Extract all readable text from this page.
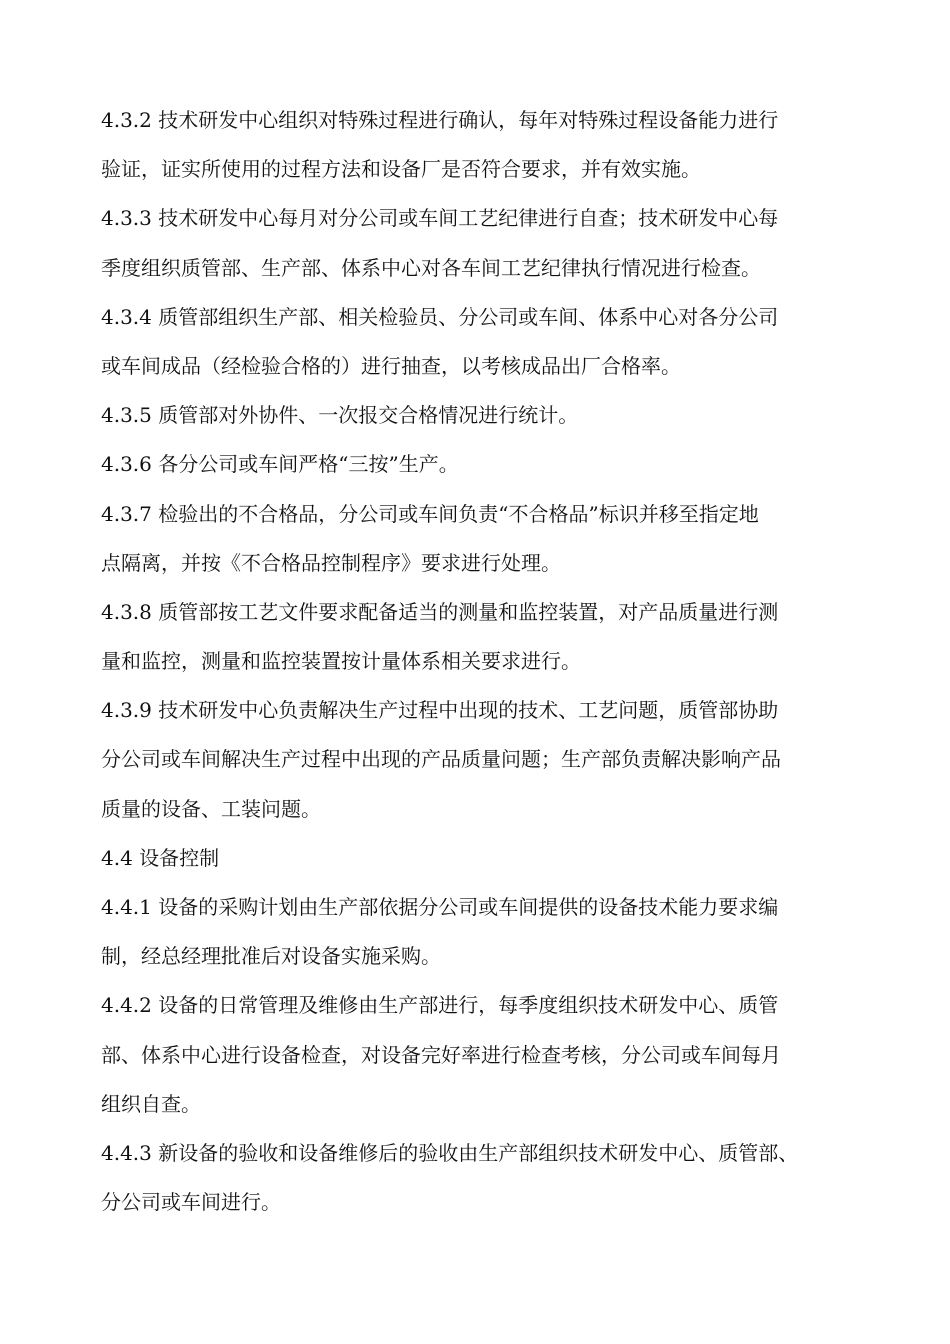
4.3.2 技术研发中心组织对特殊过程进行确认，每年对特殊过程设备能力进行
验证，证实所使用的过程方法和设备厂是否符合要求，并有效实施。
4.3.3 技术研发中心每月对分公司或车间工艺纪律进行自查；技术研发中心每
季度组织质管部、生产部、体系中心对各车间工艺纪律执行情况进行检查。
4.3.4 质管部组织生产部、相关检验员、分公司或车间、体系中心对各分公司
或车间成品（经检验合格的）进行抽查，以考核成品出厂合格率。
4.3.5 质管部对外协件、一次报交合格情况进行统计。
4.3.6 各分公司或车间严格“三按”生产。
4.3.7 检验出的不合格品，分公司或车间负责“不合格品”标识并移至指定地
点隔离，并按《不合格品控制程序》要求进行处理。
4.3.8 质管部按工艺文件要求配备适当的测量和监控装置，对产品质量进行测
量和监控，测量和监控装置按计量体系相关要求进行。
4.3.9 技术研发中心负责解决生产过程中出现的技术、工艺问题，质管部协助
分公司或车间解决生产过程中出现的产品质量问题；生产部负责解决影响产品
质量的设备、工装问题。
4.4 设备控制
4.4.1 设备的采购计划由生产部依据分公司或车间提供的设备技术能力要求编
制，经总经理批准后对设备实施采购。
4.4.2 设备的日常管理及维修由生产部进行，每季度组织技术研发中心、质管
部、体系中心进行设备检查，对设备完好率进行检查考核，分公司或车间每月
组织自查。
4.4.3 新设备的验收和设备维修后的验收由生产部组织技术研发中心、质管部、
分公司或车间进行。
